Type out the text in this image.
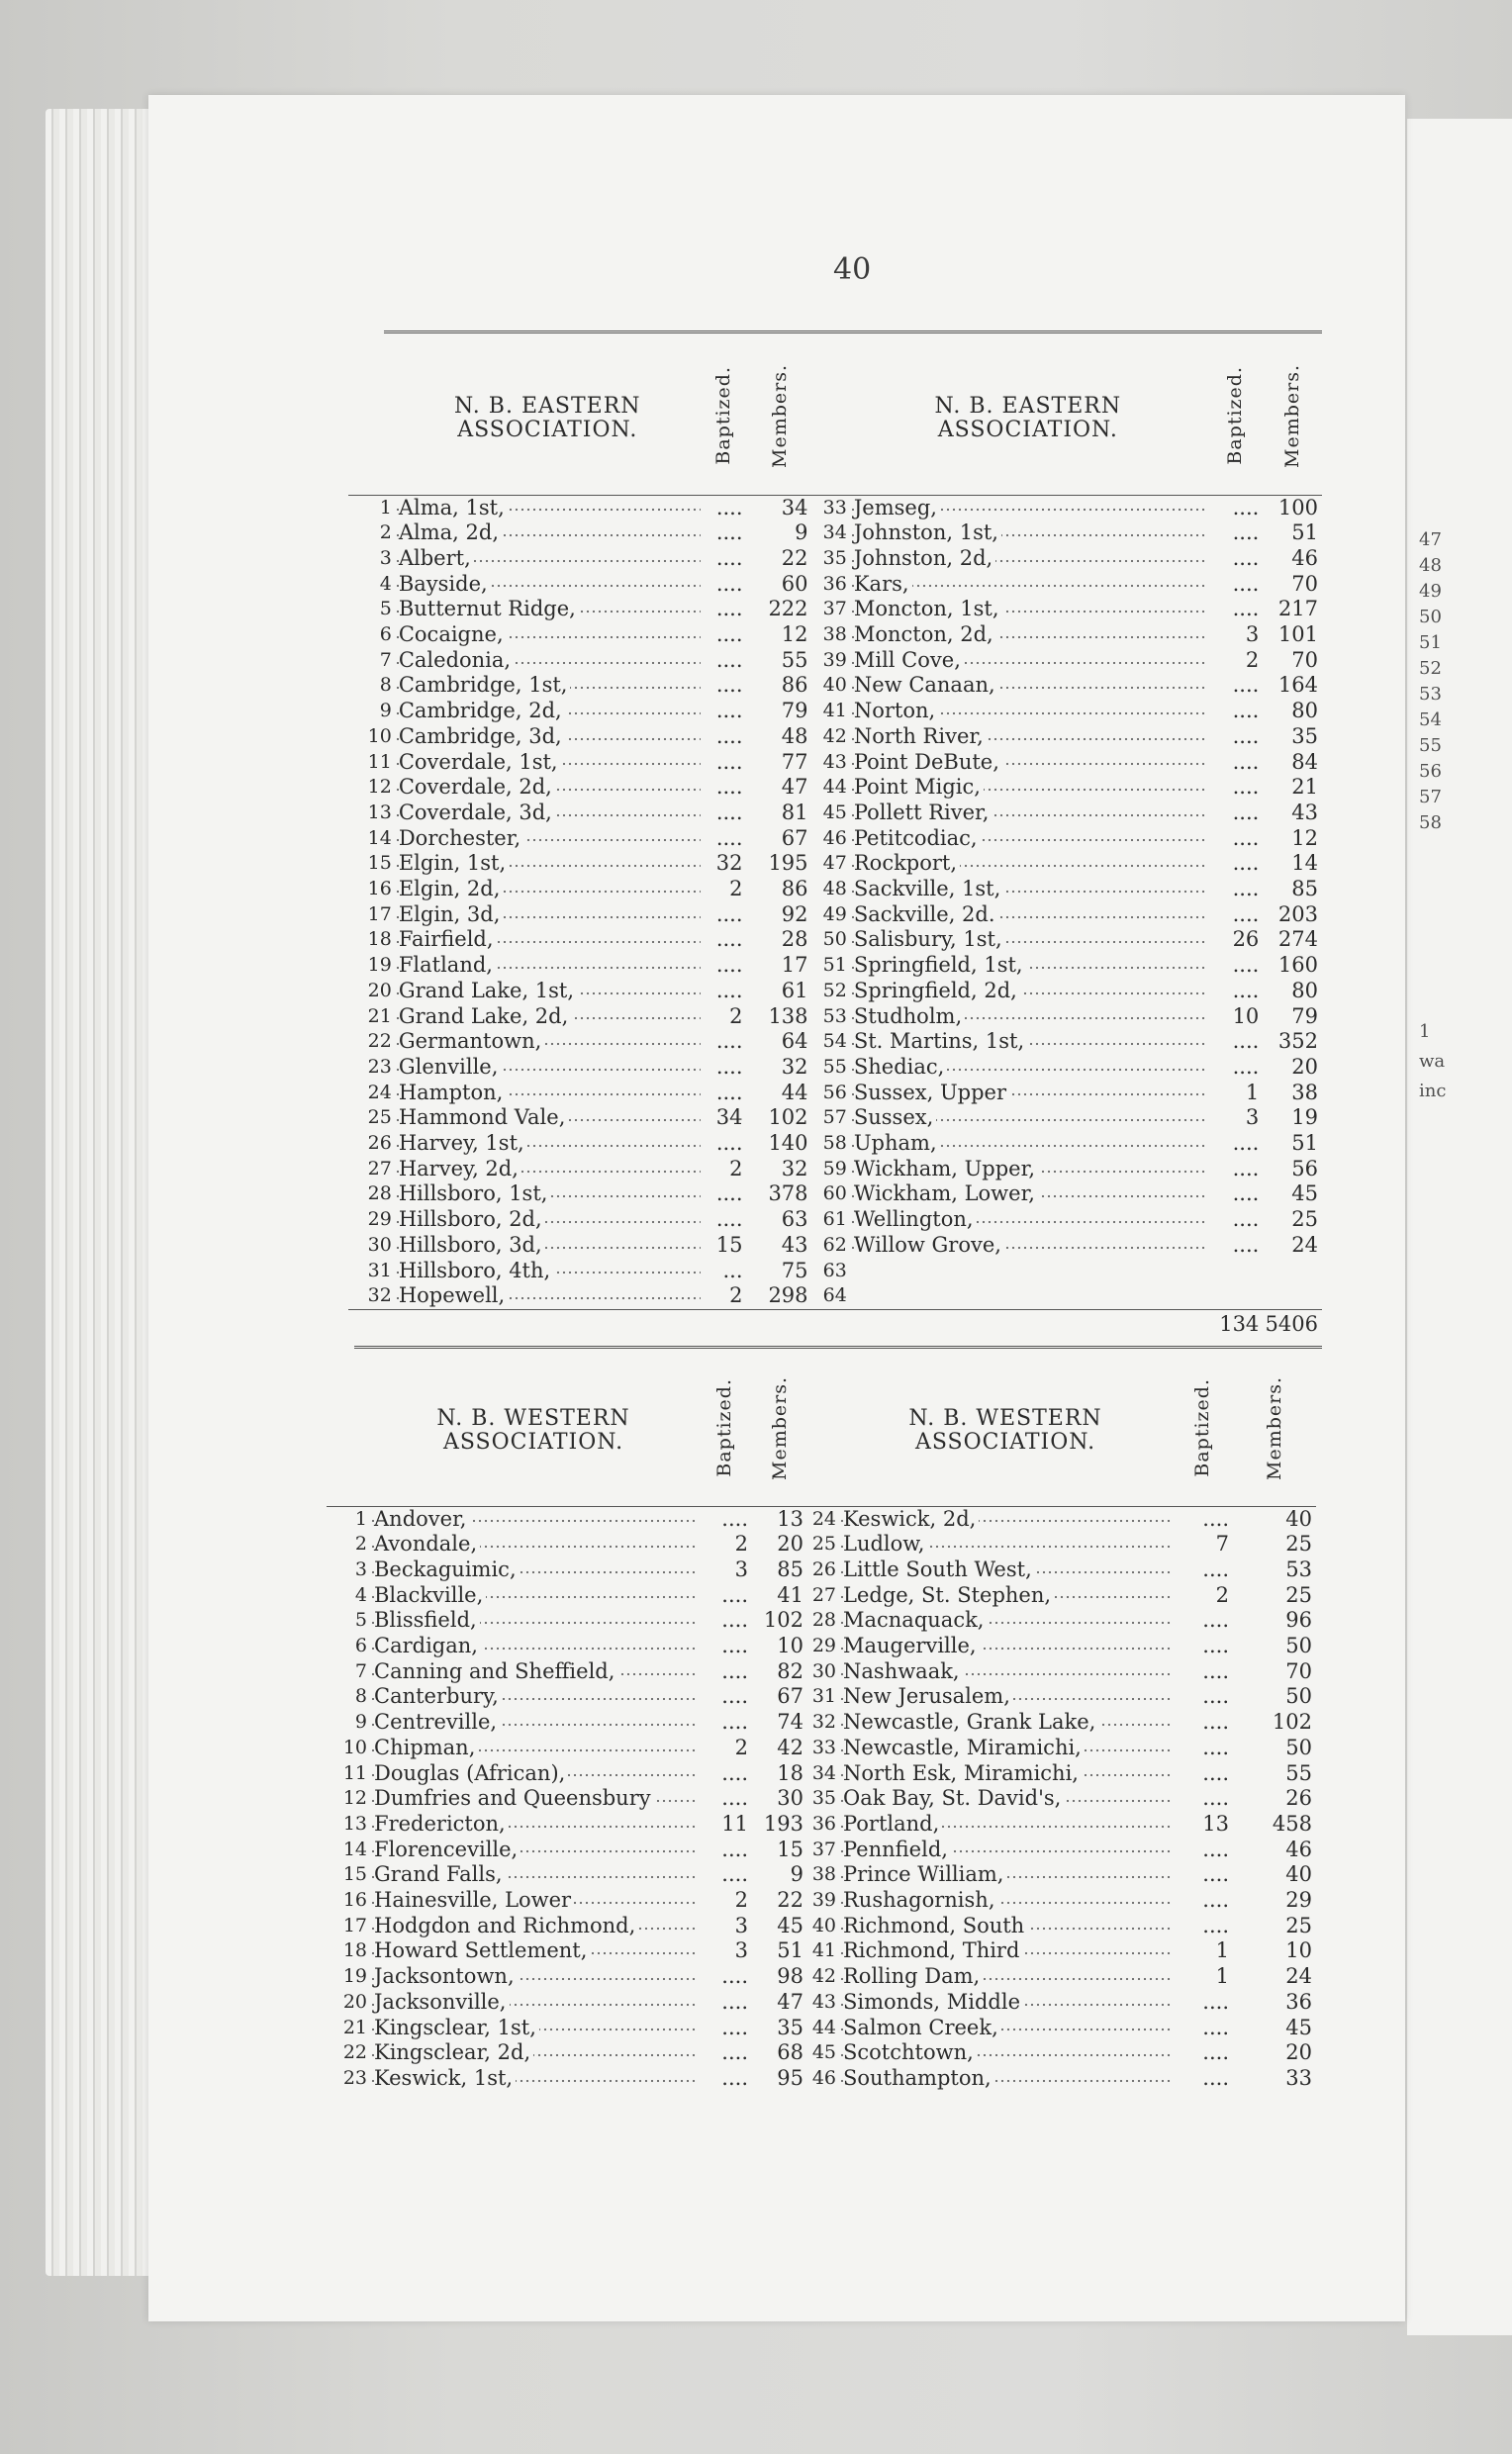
47
48
49
50
51
52
53
54
55
56
57
58
1
wa
inc
40
	N. B. EASTERN
ASSOCIATION.	Baptized.	Members.		N. B. EASTERN
ASSOCIATION.	Baptized.	Members.
1	Alma, 1st,	....	34	33	Jemseg,	....	100
2	Alma, 2d,	....	9	34	Johnston, 1st,	....	51
3	Albert,	....	22	35	Johnston, 2d,	....	46
4	Bayside,	....	60	36	Kars,	....	70
5	Butternut Ridge,	....	222	37	Moncton, 1st,	....	217
6	Cocaigne,	....	12	38	Moncton, 2d,	3	101
7	Caledonia,	....	55	39	Mill Cove,	2	70
8	Cambridge, 1st,	....	86	40	New Canaan,	....	164
9	Cambridge, 2d,	....	79	41	Norton,	....	80
10	Cambridge, 3d,	....	48	42	North River,	....	35
11	Coverdale, 1st,	....	77	43	Point DeBute,	....	84
12	Coverdale, 2d,	....	47	44	Point Migic,	....	21
13	Coverdale, 3d,	....	81	45	Pollett River,	....	43
14	Dorchester,	....	67	46	Petitcodiac,	....	12
15	Elgin, 1st,	32	195	47	Rockport,	....	14
16	Elgin, 2d,	2	86	48	Sackville, 1st,	....	85
17	Elgin, 3d,	....	92	49	Sackville, 2d.	....	203
18	Fairfield,	....	28	50	Salisbury, 1st,	26	274
19	Flatland,	....	17	51	Springfield, 1st,	....	160
20	Grand Lake, 1st,	....	61	52	Springfield, 2d,	....	80
21	Grand Lake, 2d,	2	138	53	Studholm,	10	79
22	Germantown,	....	64	54	St. Martins, 1st,	....	352
23	Glenville,	....	32	55	Shediac,	....	20
24	Hampton,	....	44	56	Sussex, Upper	1	38
25	Hammond Vale,	34	102	57	Sussex,	3	19
26	Harvey, 1st,	....	140	58	Upham,	....	51
27	Harvey, 2d,	2	32	59	Wickham, Upper,	....	56
28	Hillsboro, 1st,	....	378	60	Wickham, Lower,	....	45
29	Hillsboro, 2d,	....	63	61	Wellington,	....	25
30	Hillsboro, 3d,	15	43	62	Willow Grove,	....	24
31	Hillsboro, 4th,	...	75	63			
32	Hopewell,	2	298	64			
						134	5406
	N. B. WESTERN
ASSOCIATION.	Baptized.	Members.		N. B. WESTERN
ASSOCIATION.	Baptized.	Members.
1	Andover,	....	13	24	Keswick, 2d,	....	40
2	Avondale,	2	20	25	Ludlow,	7	25
3	Beckaguimic,	3	85	26	Little South West,	....	53
4	Blackville,	....	41	27	Ledge, St. Stephen,	2	25
5	Blissfield,	....	102	28	Macnaquack,	....	96
6	Cardigan,	....	10	29	Maugerville,	....	50
7	Canning and Sheffield,	....	82	30	Nashwaak,	....	70
8	Canterbury,	....	67	31	New Jerusalem,	....	50
9	Centreville,	....	74	32	Newcastle, Grank Lake,	....	102
10	Chipman,	2	42	33	Newcastle, Miramichi,	....	50
11	Douglas (African),	....	18	34	North Esk, Miramichi,	....	55
12	Dumfries and Queensbury	....	30	35	Oak Bay, St. David's,	....	26
13	Fredericton,	11	193	36	Portland,	13	458
14	Florenceville,	....	15	37	Pennfield,	....	46
15	Grand Falls,	....	9	38	Prince William,	....	40
16	Hainesville, Lower	2	22	39	Rushagornish,	....	29
17	Hodgdon and Richmond,	3	45	40	Richmond, South	....	25
18	Howard Settlement,	3	51	41	Richmond, Third	1	10
19	Jacksontown,	....	98	42	Rolling Dam,	1	24
20	Jacksonville,	....	47	43	Simonds, Middle	....	36
21	Kingsclear, 1st,	....	35	44	Salmon Creek,	....	45
22	Kingsclear, 2d,	....	68	45	Scotchtown,	....	20
23	Keswick, 1st,	....	95	46	Southampton,	....	33
